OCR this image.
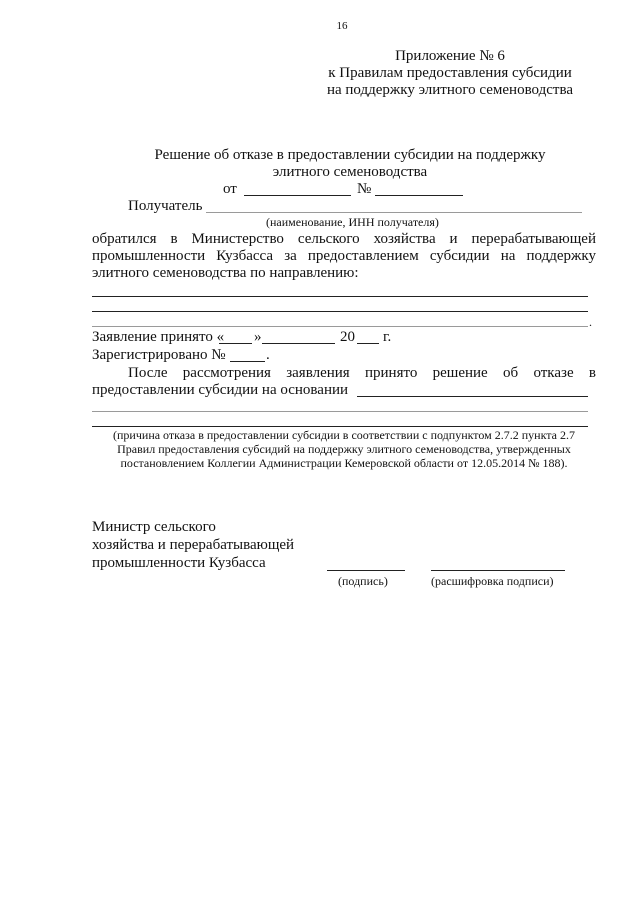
16
Приложение № 6
к Правилам предоставления субсидии
на поддержку элитного семеноводства
Решение об отказе в предоставлении субсидии на поддержку
элитного семеноводства
от	№
Получатель
(наименование, ИНН получателя)
обратился в Министерство сельского хозяйства и перерабатывающей
промышленности Кузбасса за предоставлением субсидии на поддержку
элитного семеноводства по направлению:
.
Заявление принято « »	20 г.
Зарегистрировано №	.
После рассмотрения заявления принято решение об отказе в
предоставлении субсидии на основании
(причина отказа в предоставлении субсидии в соответствии с подпунктом 2.7.2 пункта 2.7
Правил предоставления субсидий на поддержку элитного семеноводства, утвержденных
постановлением Коллегии Администрации Кемеровской области от 12.05.2014 № 188).
Министр сельского
хозяйства и перерабатывающей
промышленности Кузбасса
(подпись)	(расшифровка подписи)
